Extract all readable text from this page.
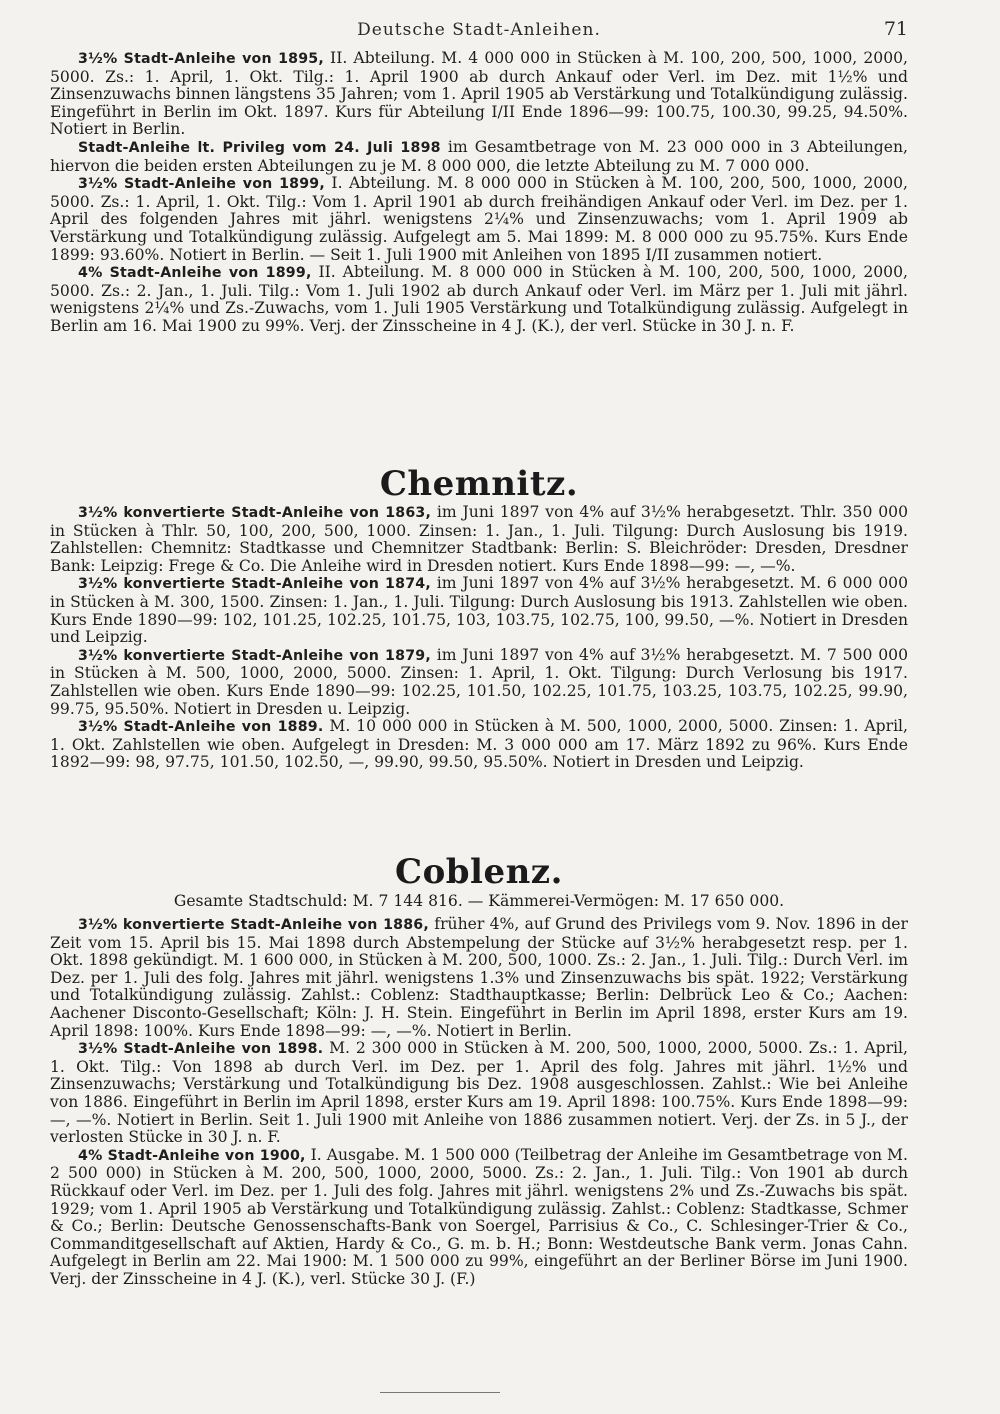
Deutsche Stadt-Anleihen.	71

3½% Stadt-Anleihe von 1895, II. Abteilung. M. 4 000 000 in Stücken à M. 100, 200, 500, 1000, 2000, 5000. Zs.: 1. April, 1. Okt. Tilg.: 1. April 1900 ab durch Ankauf oder Verl. im Dez. mit 1½% und Zinsenzuwachs binnen längstens 35 Jahren; vom 1. April 1905 ab Verstärkung und Totalkündigung zulässig. Eingeführt in Berlin im Okt. 1897. Kurs für Abteilung I/II Ende 1896—99: 100.75, 100.30, 99.25, 94.50%. Notiert in Berlin.

Stadt-Anleihe lt. Privileg vom 24. Juli 1898 im Gesamtbetrage von M. 23 000 000 in 3 Abteilungen, hiervon die beiden ersten Abteilungen zu je M. 8 000 000, die letzte Abteilung zu M. 7 000 000.

3½% Stadt-Anleihe von 1899, I. Abteilung. M. 8 000 000 in Stücken à M. 100, 200, 500, 1000, 2000, 5000. Zs.: 1. April, 1. Okt. Tilg.: Vom 1. April 1901 ab durch freihändigen Ankauf oder Verl. im Dez. per 1. April des folgenden Jahres mit jährl. wenigstens 2¼% und Zinsenzuwachs; vom 1. April 1909 ab Verstärkung und Totalkündigung zulässig. Aufgelegt am 5. Mai 1899: M. 8 000 000 zu 95.75%. Kurs Ende 1899: 93.60%. Notiert in Berlin. — Seit 1. Juli 1900 mit Anleihen von 1895 I/II zusammen notiert.

4% Stadt-Anleihe von 1899, II. Abteilung. M. 8 000 000 in Stücken à M. 100, 200, 500, 1000, 2000, 5000. Zs.: 2. Jan., 1. Juli. Tilg.: Vom 1. Juli 1902 ab durch Ankauf oder Verl. im März per 1. Juli mit jährl. wenigstens 2¼% und Zs.-Zuwachs, vom 1. Juli 1905 Verstärkung und Totalkündigung zulässig. Aufgelegt in Berlin am 16. Mai 1900 zu 99%. Verj. der Zinsscheine in 4 J. (K.), der verl. Stücke in 30 J. n. F.

Chemnitz.

3½% konvertierte Stadt-Anleihe von 1863, im Juni 1897 von 4% auf 3½% herabgesetzt. Thlr. 350 000 in Stücken à Thlr. 50, 100, 200, 500, 1000. Zinsen: 1. Jan., 1. Juli. Tilgung: Durch Auslosung bis 1919. Zahlstellen: Chemnitz: Stadtkasse und Chemnitzer Stadtbank: Berlin: S. Bleichröder: Dresden, Dresdner Bank: Leipzig: Frege & Co. Die Anleihe wird in Dresden notiert. Kurs Ende 1898—99: —, —%.

3½% konvertierte Stadt-Anleihe von 1874, im Juni 1897 von 4% auf 3½% herabgesetzt. M. 6 000 000 in Stücken à M. 300, 1500. Zinsen: 1. Jan., 1. Juli. Tilgung: Durch Auslosung bis 1913. Zahlstellen wie oben. Kurs Ende 1890—99: 102, 101.25, 102.25, 101.75, 103, 103.75, 102.75, 100, 99.50, —%. Notiert in Dresden und Leipzig.

3½% konvertierte Stadt-Anleihe von 1879, im Juni 1897 von 4% auf 3½% herabgesetzt. M. 7 500 000 in Stücken à M. 500, 1000, 2000, 5000. Zinsen: 1. April, 1. Okt. Tilgung: Durch Verlosung bis 1917. Zahlstellen wie oben. Kurs Ende 1890—99: 102.25, 101.50, 102.25, 101.75, 103.25, 103.75, 102.25, 99.90, 99.75, 95.50%. Notiert in Dresden u. Leipzig.

3½% Stadt-Anleihe von 1889. M. 10 000 000 in Stücken à M. 500, 1000, 2000, 5000. Zinsen: 1. April, 1. Okt. Zahlstellen wie oben. Aufgelegt in Dresden: M. 3 000 000 am 17. März 1892 zu 96%. Kurs Ende 1892—99: 98, 97.75, 101.50, 102.50, —, 99.90, 99.50, 95.50%. Notiert in Dresden und Leipzig.

Coblenz.

Gesamte Stadtschuld: M. 7 144 816. — Kämmerei-Vermögen: M. 17 650 000.

3½% konvertierte Stadt-Anleihe von 1886, früher 4%, auf Grund des Privilegs vom 9. Nov. 1896 in der Zeit vom 15. April bis 15. Mai 1898 durch Abstempelung der Stücke auf 3½% herabgesetzt resp. per 1. Okt. 1898 gekündigt. M. 1 600 000, in Stücken à M. 200, 500, 1000. Zs.: 2. Jan., 1. Juli. Tilg.: Durch Verl. im Dez. per 1. Juli des folg. Jahres mit jährl. wenigstens 1.3% und Zinsenzuwachs bis spät. 1922; Verstärkung und Totalkündigung zulässig. Zahlst.: Coblenz: Stadthauptkasse; Berlin: Delbrück Leo & Co.; Aachen: Aachener Disconto-Gesellschaft; Köln: J. H. Stein. Eingeführt in Berlin im April 1898, erster Kurs am 19. April 1898: 100%. Kurs Ende 1898—99: —, —%. Notiert in Berlin.

3½% Stadt-Anleihe von 1898. M. 2 300 000 in Stücken à M. 200, 500, 1000, 2000, 5000. Zs.: 1. April, 1. Okt. Tilg.: Von 1898 ab durch Verl. im Dez. per 1. April des folg. Jahres mit jährl. 1½% und Zinsenzuwachs; Verstärkung und Totalkündigung bis Dez. 1908 ausgeschlossen. Zahlst.: Wie bei Anleihe von 1886. Eingeführt in Berlin im April 1898, erster Kurs am 19. April 1898: 100.75%. Kurs Ende 1898—99: —, —%. Notiert in Berlin. Seit 1. Juli 1900 mit Anleihe von 1886 zusammen notiert. Verj. der Zs. in 5 J., der verlosten Stücke in 30 J. n. F.

4% Stadt-Anleihe von 1900, I. Ausgabe. M. 1 500 000 (Teilbetrag der Anleihe im Gesamtbetrage von M. 2 500 000) in Stücken à M. 200, 500, 1000, 2000, 5000. Zs.: 2. Jan., 1. Juli. Tilg.: Von 1901 ab durch Rückkauf oder Verl. im Dez. per 1. Juli des folg. Jahres mit jährl. wenigstens 2% und Zs.-Zuwachs bis spät. 1929; vom 1. April 1905 ab Verstärkung und Totalkündigung zulässig. Zahlst.: Coblenz: Stadtkasse, Schmer & Co.; Berlin: Deutsche Genossenschafts-Bank von Soergel, Parrisius & Co., C. Schlesinger-Trier & Co., Commanditgesellschaft auf Aktien, Hardy & Co., G. m. b. H.; Bonn: Westdeutsche Bank verm. Jonas Cahn. Aufgelegt in Berlin am 22. Mai 1900: M. 1 500 000 zu 99%, eingeführt an der Berliner Börse im Juni 1900. Verj. der Zinsscheine in 4 J. (K.), verl. Stücke 30 J. (F.)
